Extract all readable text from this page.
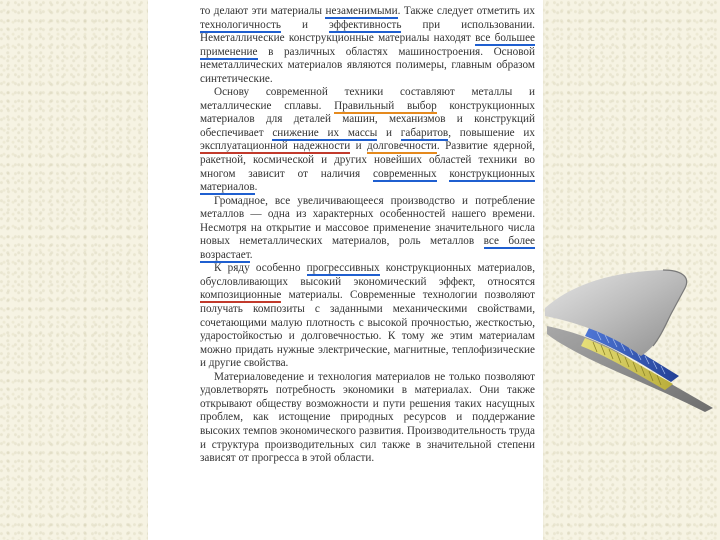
то делают эти материалы незаменимыми. Также следует отметить их технологичность и эффективность при использовании. Неметаллические конструкционные материалы находят все большее применение в различных областях машиностроения. Основой неметаллических материалов являются полимеры, главным образом синтетические.

Основу современной техники составляют металлы и металлические сплавы. Правильный выбор конструкционных материалов для деталей машин, механизмов и конструкций обеспечивает снижение их массы и габаритов, повышение их эксплуатационной надежности и долговечности. Развитие ядерной, ракетной, космической и других новейших областей техники во многом зависит от наличия современных конструкционных материалов.

Громадное, все увеличивающееся производство и потребление металлов — одна из характерных особенностей нашего времени. Несмотря на открытие и массовое применение значительного числа новых неметаллических материалов, роль металлов все более возрастает.

К ряду особенно прогрессивных конструкционных материалов, обусловливающих высокий экономический эффект, относятся композиционные материалы. Современные технологии позволяют получать композиты с заданными механическими свойствами, сочетающими малую плотность с высокой прочностью, жесткостью, ударостойкостью и долговечностью. К тому же этим материалам можно придать нужные электрические, магнитные, теплофизические и другие свойства.

Материаловедение и технология материалов не только позволяют удовлетворять потребность экономики в материалах. Они также открывают обществу возможности и пути решения таких насущных проблем, как истощение природных ресурсов и поддержание высоких темпов экономического развития. Производительность труда и структура производительных сил также в значительной степени зависят от прогресса в этой области.
